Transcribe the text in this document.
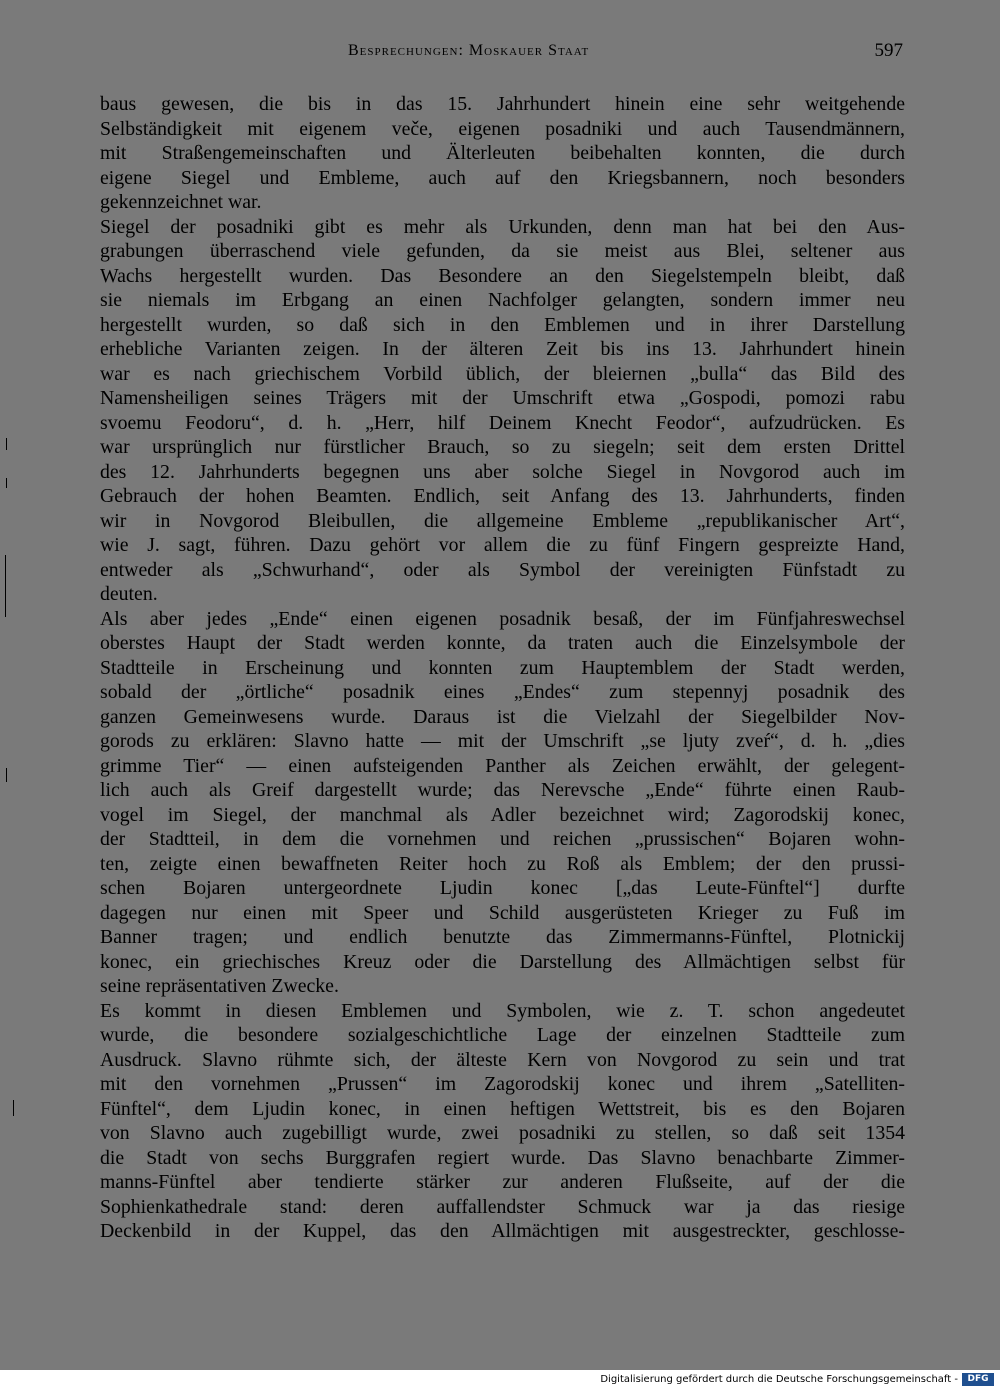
Besprechungen: Moskauer Staat	597
baus gewesen, die bis in das 15. Jahrhundert hinein eine sehr weitgehende
Selbständigkeit mit eigenem veče, eigenen posadniki und auch Tausendmännern,
mit Straßengemeinschaften und Älterleuten beibehalten konnten, die durch
eigene Siegel und Embleme, auch auf den Kriegsbannern, noch besonders
gekennzeichnet war.
Siegel der posadniki gibt es mehr als Urkunden, denn man hat bei den Aus-
grabungen überraschend viele gefunden, da sie meist aus Blei, seltener aus
Wachs hergestellt wurden. Das Besondere an den Siegelstempeln bleibt, daß
sie niemals im Erbgang an einen Nachfolger gelangten, sondern immer neu
hergestellt wurden, so daß sich in den Emblemen und in ihrer Darstellung
erhebliche Varianten zeigen. In der älteren Zeit bis ins 13. Jahrhundert hinein
war es nach griechischem Vorbild üblich, der bleiernen „bulla“ das Bild des
Namensheiligen seines Trägers mit der Umschrift etwa „Gospodi, pomozi rabu
svoemu Feodoru“, d. h. „Herr, hilf Deinem Knecht Feodor“, aufzudrücken. Es
war ursprünglich nur fürstlicher Brauch, so zu siegeln; seit dem ersten Drittel
des 12. Jahrhunderts begegnen uns aber solche Siegel in Novgorod auch im
Gebrauch der hohen Beamten. Endlich, seit Anfang des 13. Jahrhunderts, finden
wir in Novgorod Bleibullen, die allgemeine Embleme „republikanischer Art“,
wie J. sagt, führen. Dazu gehört vor allem die zu fünf Fingern gespreizte Hand,
entweder als „Schwurhand“, oder als Symbol der vereinigten Fünfstadt zu
deuten.
Als aber jedes „Ende“ einen eigenen posadnik besaß, der im Fünfjahreswechsel
oberstes Haupt der Stadt werden konnte, da traten auch die Einzelsymbole der
Stadtteile in Erscheinung und konnten zum Hauptemblem der Stadt werden,
sobald der „örtliche“ posadnik eines „Endes“ zum stepennyj posadnik des
ganzen Gemeinwesens wurde. Daraus ist die Vielzahl der Siegelbilder Nov-
gorods zu erklären: Slavno hatte — mit der Umschrift „se ljuty zveŕ“, d. h. „dies
grimme Tier“ — einen aufsteigenden Panther als Zeichen erwählt, der gelegent-
lich auch als Greif dargestellt wurde; das Nerevsche „Ende“ führte einen Raub-
vogel im Siegel, der manchmal als Adler bezeichnet wird; Zagorodskij konec,
der Stadtteil, in dem die vornehmen und reichen „prussischen“ Bojaren wohn-
ten, zeigte einen bewaffneten Reiter hoch zu Roß als Emblem; der den prussi-
schen Bojaren untergeordnete Ljudin konec [„das Leute-Fünftel“] durfte
dagegen nur einen mit Speer und Schild ausgerüsteten Krieger zu Fuß im
Banner tragen; und endlich benutzte das Zimmermanns-Fünftel, Plotnickij
konec, ein griechisches Kreuz oder die Darstellung des Allmächtigen selbst für
seine repräsentativen Zwecke.
Es kommt in diesen Emblemen und Symbolen, wie z. T. schon angedeutet
wurde, die besondere sozialgeschichtliche Lage der einzelnen Stadtteile zum
Ausdruck. Slavno rühmte sich, der älteste Kern von Novgorod zu sein und trat
mit den vornehmen „Prussen“ im Zagorodskij konec und ihrem „Satelliten-
Fünftel“, dem Ljudin konec, in einen heftigen Wettstreit, bis es den Bojaren
von Slavno auch zugebilligt wurde, zwei posadniki zu stellen, so daß seit 1354
die Stadt von sechs Burggrafen regiert wurde. Das Slavno benachbarte Zimmer-
manns-Fünftel aber tendierte stärker zur anderen Flußseite, auf der die
Sophienkathedrale stand: deren auffallendster Schmuck war ja das riesige
Deckenbild in der Kuppel, das den Allmächtigen mit ausgestreckter, geschlosse-
Digitalisierung gefördert durch die Deutsche Forschungsgemeinschaft -	DFG
